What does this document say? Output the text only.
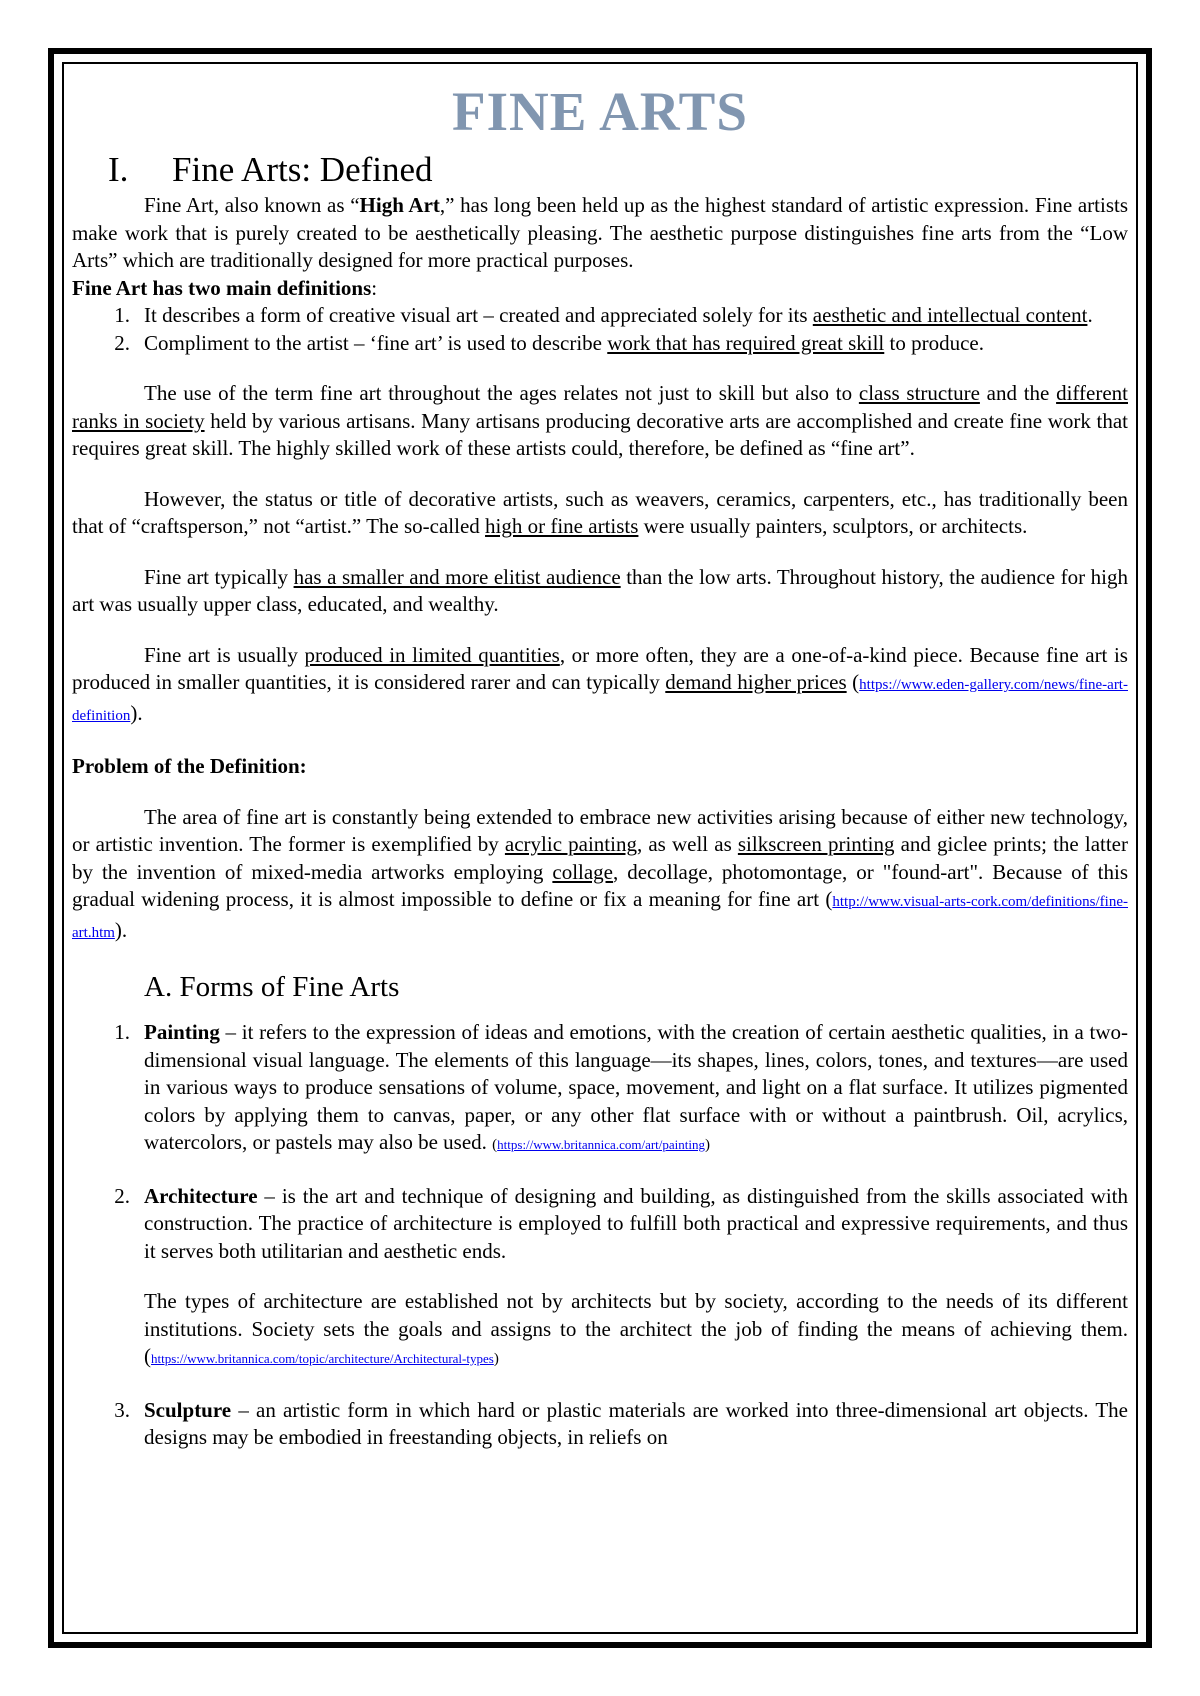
FINE ARTS
I.	Fine Arts: Defined

Fine Art, also known as “High Art,” has long been held up as the highest standard of artistic expression. Fine artists make work that is purely created to be aesthetically pleasing. The aesthetic purpose distinguishes fine arts from the “Low Arts” which are traditionally designed for more practical purposes.

Fine Art has two main definitions:

1. It describes a form of creative visual art – created and appreciated solely for its aesthetic and intellectual content.
2. Compliment to the artist – ‘fine art’ is used to describe work that has required great skill to produce.

The use of the term fine art throughout the ages relates not just to skill but also to class structure and the different ranks in society held by various artisans. Many artisans producing decorative arts are accomplished and create fine work that requires great skill. The highly skilled work of these artists could, therefore, be defined as “fine art”.

However, the status or title of decorative artists, such as weavers, ceramics, carpenters, etc., has traditionally been that of “craftsperson,” not “artist.” The so-called high or fine artists were usually painters, sculptors, or architects.

Fine art typically has a smaller and more elitist audience than the low arts. Throughout history, the audience for high art was usually upper class, educated, and wealthy.

Fine art is usually produced in limited quantities, or more often, they are a one-of-a-kind piece. Because fine art is produced in smaller quantities, it is considered rarer and can typically demand higher prices (https://www.eden-gallery.com/news/fine-art-definition).

Problem of the Definition:

The area of fine art is constantly being extended to embrace new activities arising because of either new technology, or artistic invention. The former is exemplified by acrylic painting, as well as silkscreen printing and giclee prints; the latter by the invention of mixed-media artworks employing collage, decollage, photomontage, or "found-art". Because of this gradual widening process, it is almost impossible to define or fix a meaning for fine art (http://www.visual-arts-cork.com/definitions/fine-art.htm).

A. Forms of Fine Arts
1. Painting – it refers to the expression of ideas and emotions, with the creation of certain aesthetic qualities, in a two-dimensional visual language. The elements of this language—its shapes, lines, colors, tones, and textures—are used in various ways to produce sensations of volume, space, movement, and light on a flat surface. It utilizes pigmented colors by applying them to canvas, paper, or any other flat surface with or without a paintbrush. Oil, acrylics, watercolors, or pastels may also be used. (https://www.britannica.com/art/painting)
2. Architecture – is the art and technique of designing and building, as distinguished from the skills associated with construction. The practice of architecture is employed to fulfill both practical and expressive requirements, and thus it serves both utilitarian and aesthetic ends.

The types of architecture are established not by architects but by society, according to the needs of its different institutions. Society sets the goals and assigns to the architect the job of finding the means of achieving them. (https://www.britannica.com/topic/architecture/Architectural-types)

3. Sculpture – an artistic form in which hard or plastic materials are worked into three-dimensional art objects. The designs may be embodied in freestanding objects, in reliefs on
